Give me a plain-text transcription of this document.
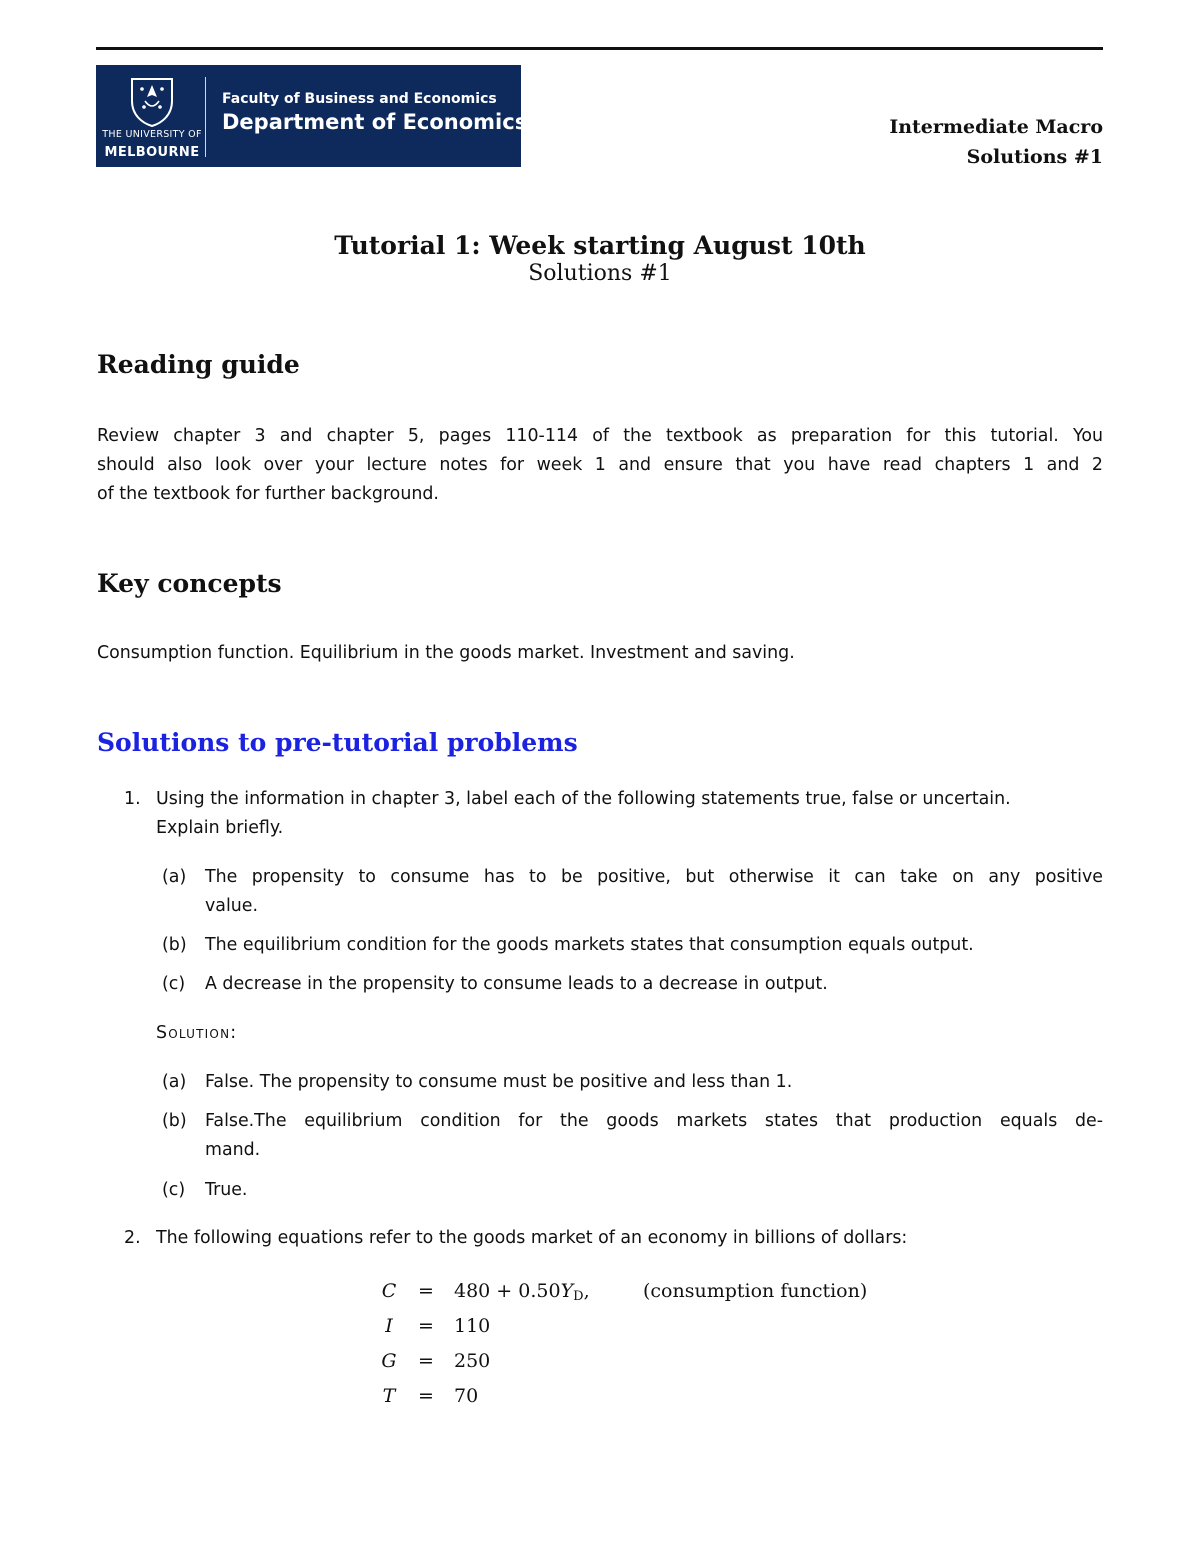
THE UNIVERSITY OF
MELBOURNE
Faculty of Business and Economics
Department of Economics	Intermediate Macro
Solutions #1
Tutorial 1: Week starting August 10th
Solutions #1
Reading guide
Review chapter 3 and chapter 5, pages 110-114 of the textbook as preparation for this tutorial. You
should also look over your lecture notes for week 1 and ensure that you have read chapters 1 and 2
of the textbook for further background.
Key concepts
Consumption function. Equilibrium in the goods market. Investment and saving.
Solutions to pre-tutorial problems
1. Using the information in chapter 3, label each of the following statements true, false or uncertain.
Explain briefly.
(a) The propensity to consume has to be positive, but otherwise it can take on any positive
value.
(b) The equilibrium condition for the goods markets states that consumption equals output.
(c) A decrease in the propensity to consume leads to a decrease in output.
Solution:
(a) False. The propensity to consume must be positive and less than 1.
(b) False.The equilibrium condition for the goods markets states that production equals de-
mand.
(c) True.
2. The following equations refer to the goods market of an economy in billions of dollars:
C	=	$480 + 0.50Y_D$,	(consumption function)
I	=	110
G	=	250
T	=	70
